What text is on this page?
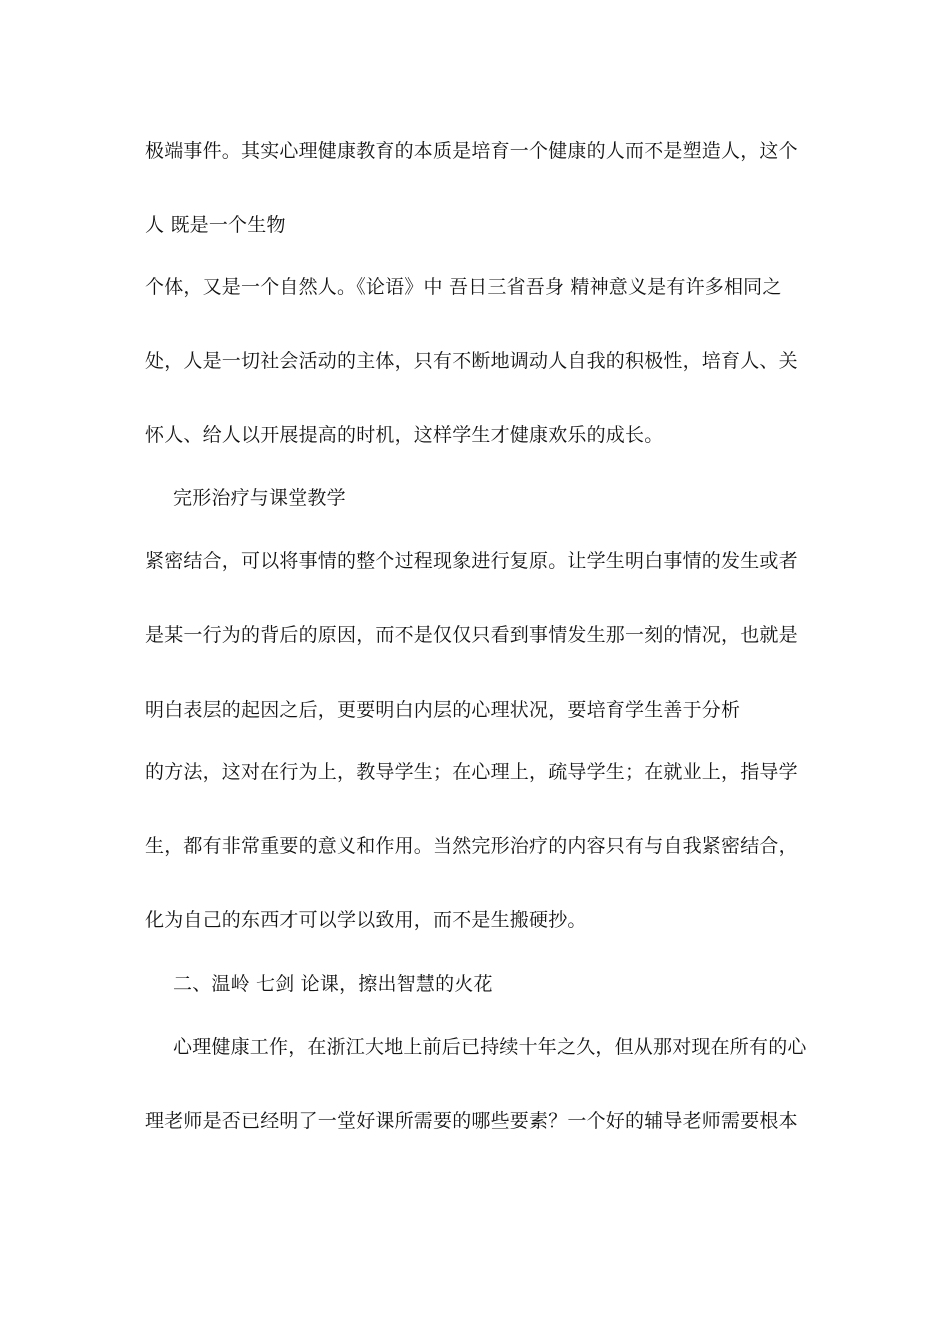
极端事件。其实心理健康教育的本质是培育一个健康的人而不是塑造人，这个
人 既是一个生物
个体，又是一个自然人。《论语》中 吾日三省吾身 精神意义是有许多相同之
处，人是一切社会活动的主体，只有不断地调动人自我的积极性，培育人、关
怀人、给人以开展提高的时机，这样学生才健康欢乐的成长。
完形治疗与课堂教学
紧密结合，可以将事情的整个过程现象进行复原。让学生明白事情的发生或者
是某一行为的背后的原因，而不是仅仅只看到事情发生那一刻的情况，也就是
明白表层的起因之后，更要明白内层的心理状况，要培育学生善于分析
的方法，这对在行为上，教导学生；在心理上，疏导学生；在就业上，指导学
生，都有非常重要的意义和作用。当然完形治疗的内容只有与自我紧密结合，
化为自己的东西才可以学以致用，而不是生搬硬抄。
二、温岭 七剑 论课，擦出智慧的火花
心理健康工作，在浙江大地上前后已持续十年之久，但从那对现在所有的心
理老师是否已经明了一堂好课所需要的哪些要素？一个好的辅导老师需要根本
